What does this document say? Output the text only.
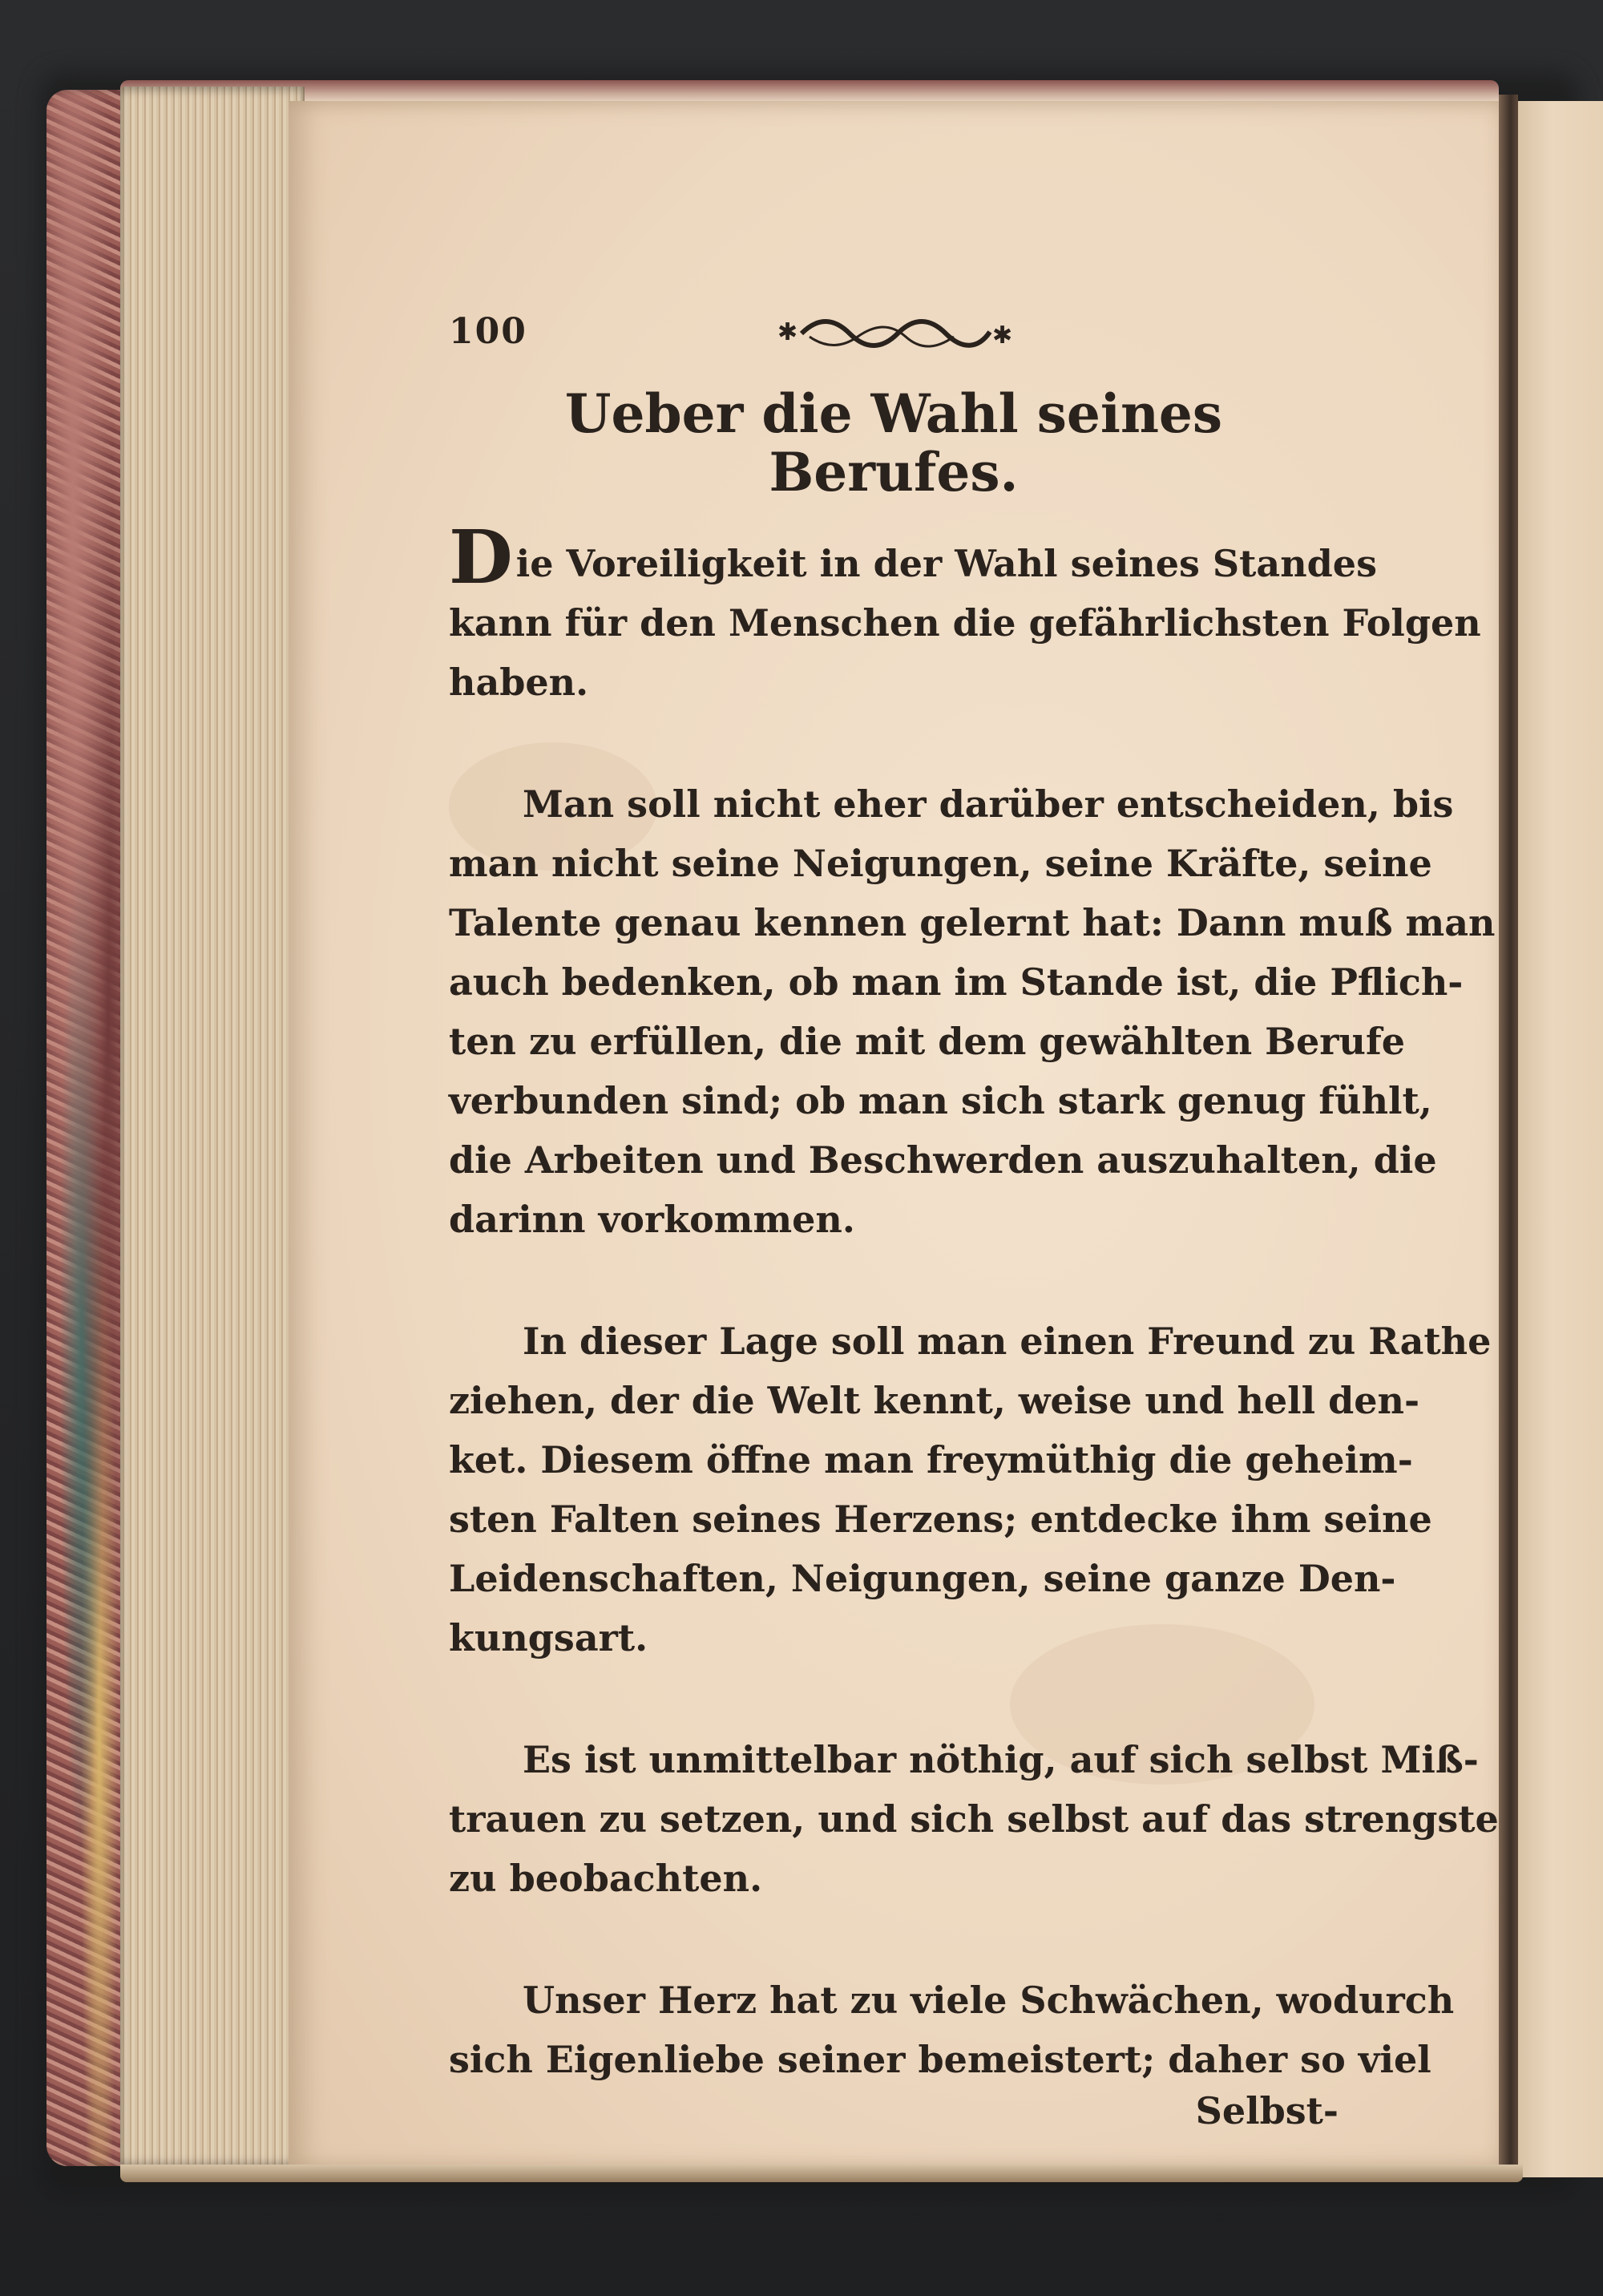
100	✱	✱
Ueber die Wahl seines Berufes.
Die Voreiligkeit in der Wahl seines Standes
kann für den Menschen die gefährlichsten Folgen
haben.
Man soll nicht eher darüber entscheiden, bis
man nicht seine Neigungen, seine Kräfte, seine
Talente genau kennen gelernt hat: Dann muß man
auch bedenken, ob man im Stande ist, die Pflich-
ten zu erfüllen, die mit dem gewählten Berufe
verbunden sind; ob man sich stark genug fühlt,
die Arbeiten und Beschwerden auszuhalten, die
darinn vorkommen.
In dieser Lage soll man einen Freund zu Rathe
ziehen, der die Welt kennt, weise und hell den-
ket. Diesem öffne man freymüthig die geheim-
sten Falten seines Herzens; entdecke ihm seine
Leidenschaften, Neigungen, seine ganze Den-
kungsart.
Es ist unmittelbar nöthig, auf sich selbst Miß-
trauen zu setzen, und sich selbst auf das strengste
zu beobachten.
Unser Herz hat zu viele Schwächen, wodurch
sich Eigenliebe seiner bemeistert; daher so viel
Selbst-
